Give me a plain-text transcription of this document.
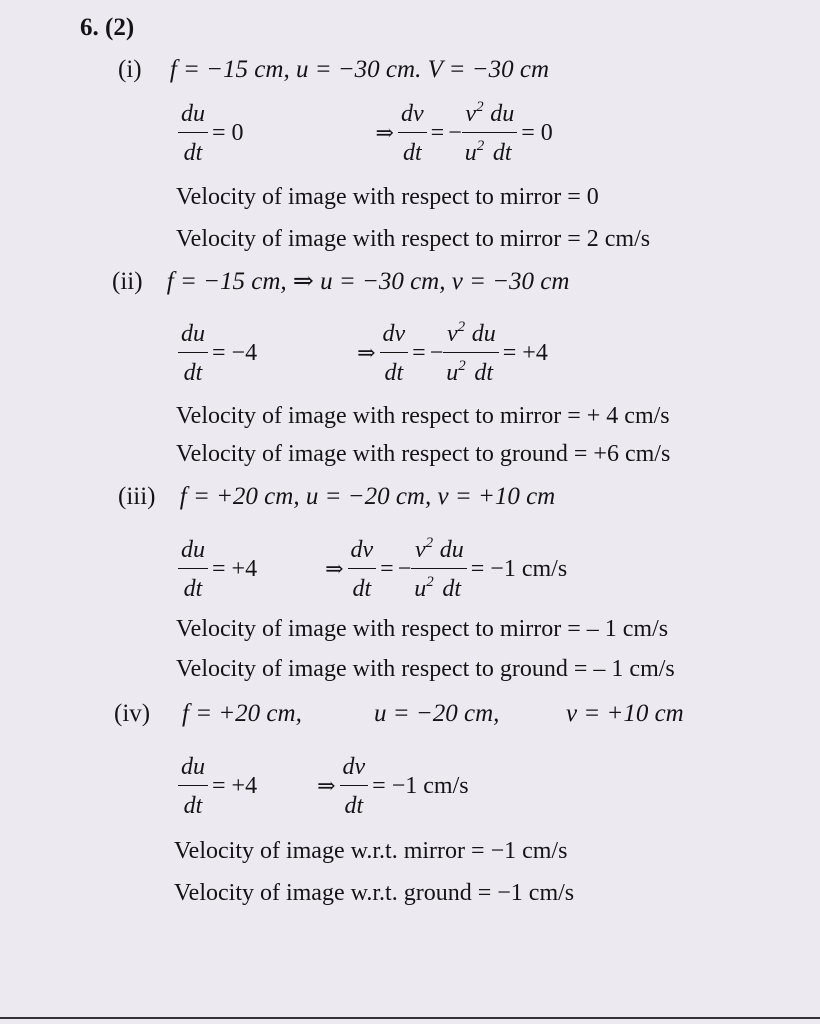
6. (2)
(i) f = −15 cm, u = −30 cm. V = −30 cm
$\frac{du}{dt} = 0$	⇒ $\frac{dv}{dt}$ = − $\frac{v^2}{u^2} \frac{du}{dt} = 0$
Velocity of image with respect to mirror = 0
Velocity of image with respect to mirror = 2 cm/s
(ii) f = −15 cm, ⇒ u = −30 cm, v = −30 cm
$\frac{du}{dt} = -4$	⇒ $\frac{dv}{dt}$ = − $\frac{v^2}{u^2} \frac{du}{dt} = +4$
Velocity of image with respect to mirror = + 4 cm/s
Velocity of image with respect to ground = +6 cm/s
(iii) f = +20 cm, u = −20 cm, v = +10 cm
$\frac{du}{dt} = +4$	⇒ $\frac{dv}{dt}$ = − $\frac{v^2}{u^2} \frac{du}{dt} = -1$ cm/s
Velocity of image with respect to mirror = – 1 cm/s
Velocity of image with respect to ground = – 1 cm/s
(iv) f = +20 cm,	u = −20 cm,	v = +10 cm
$\frac{du}{dt} = +4$	⇒ $\frac{dv}{dt} = -1$ cm/s
Velocity of image w.r.t. mirror = −1 cm/s
Velocity of image w.r.t. ground = −1 cm/s
